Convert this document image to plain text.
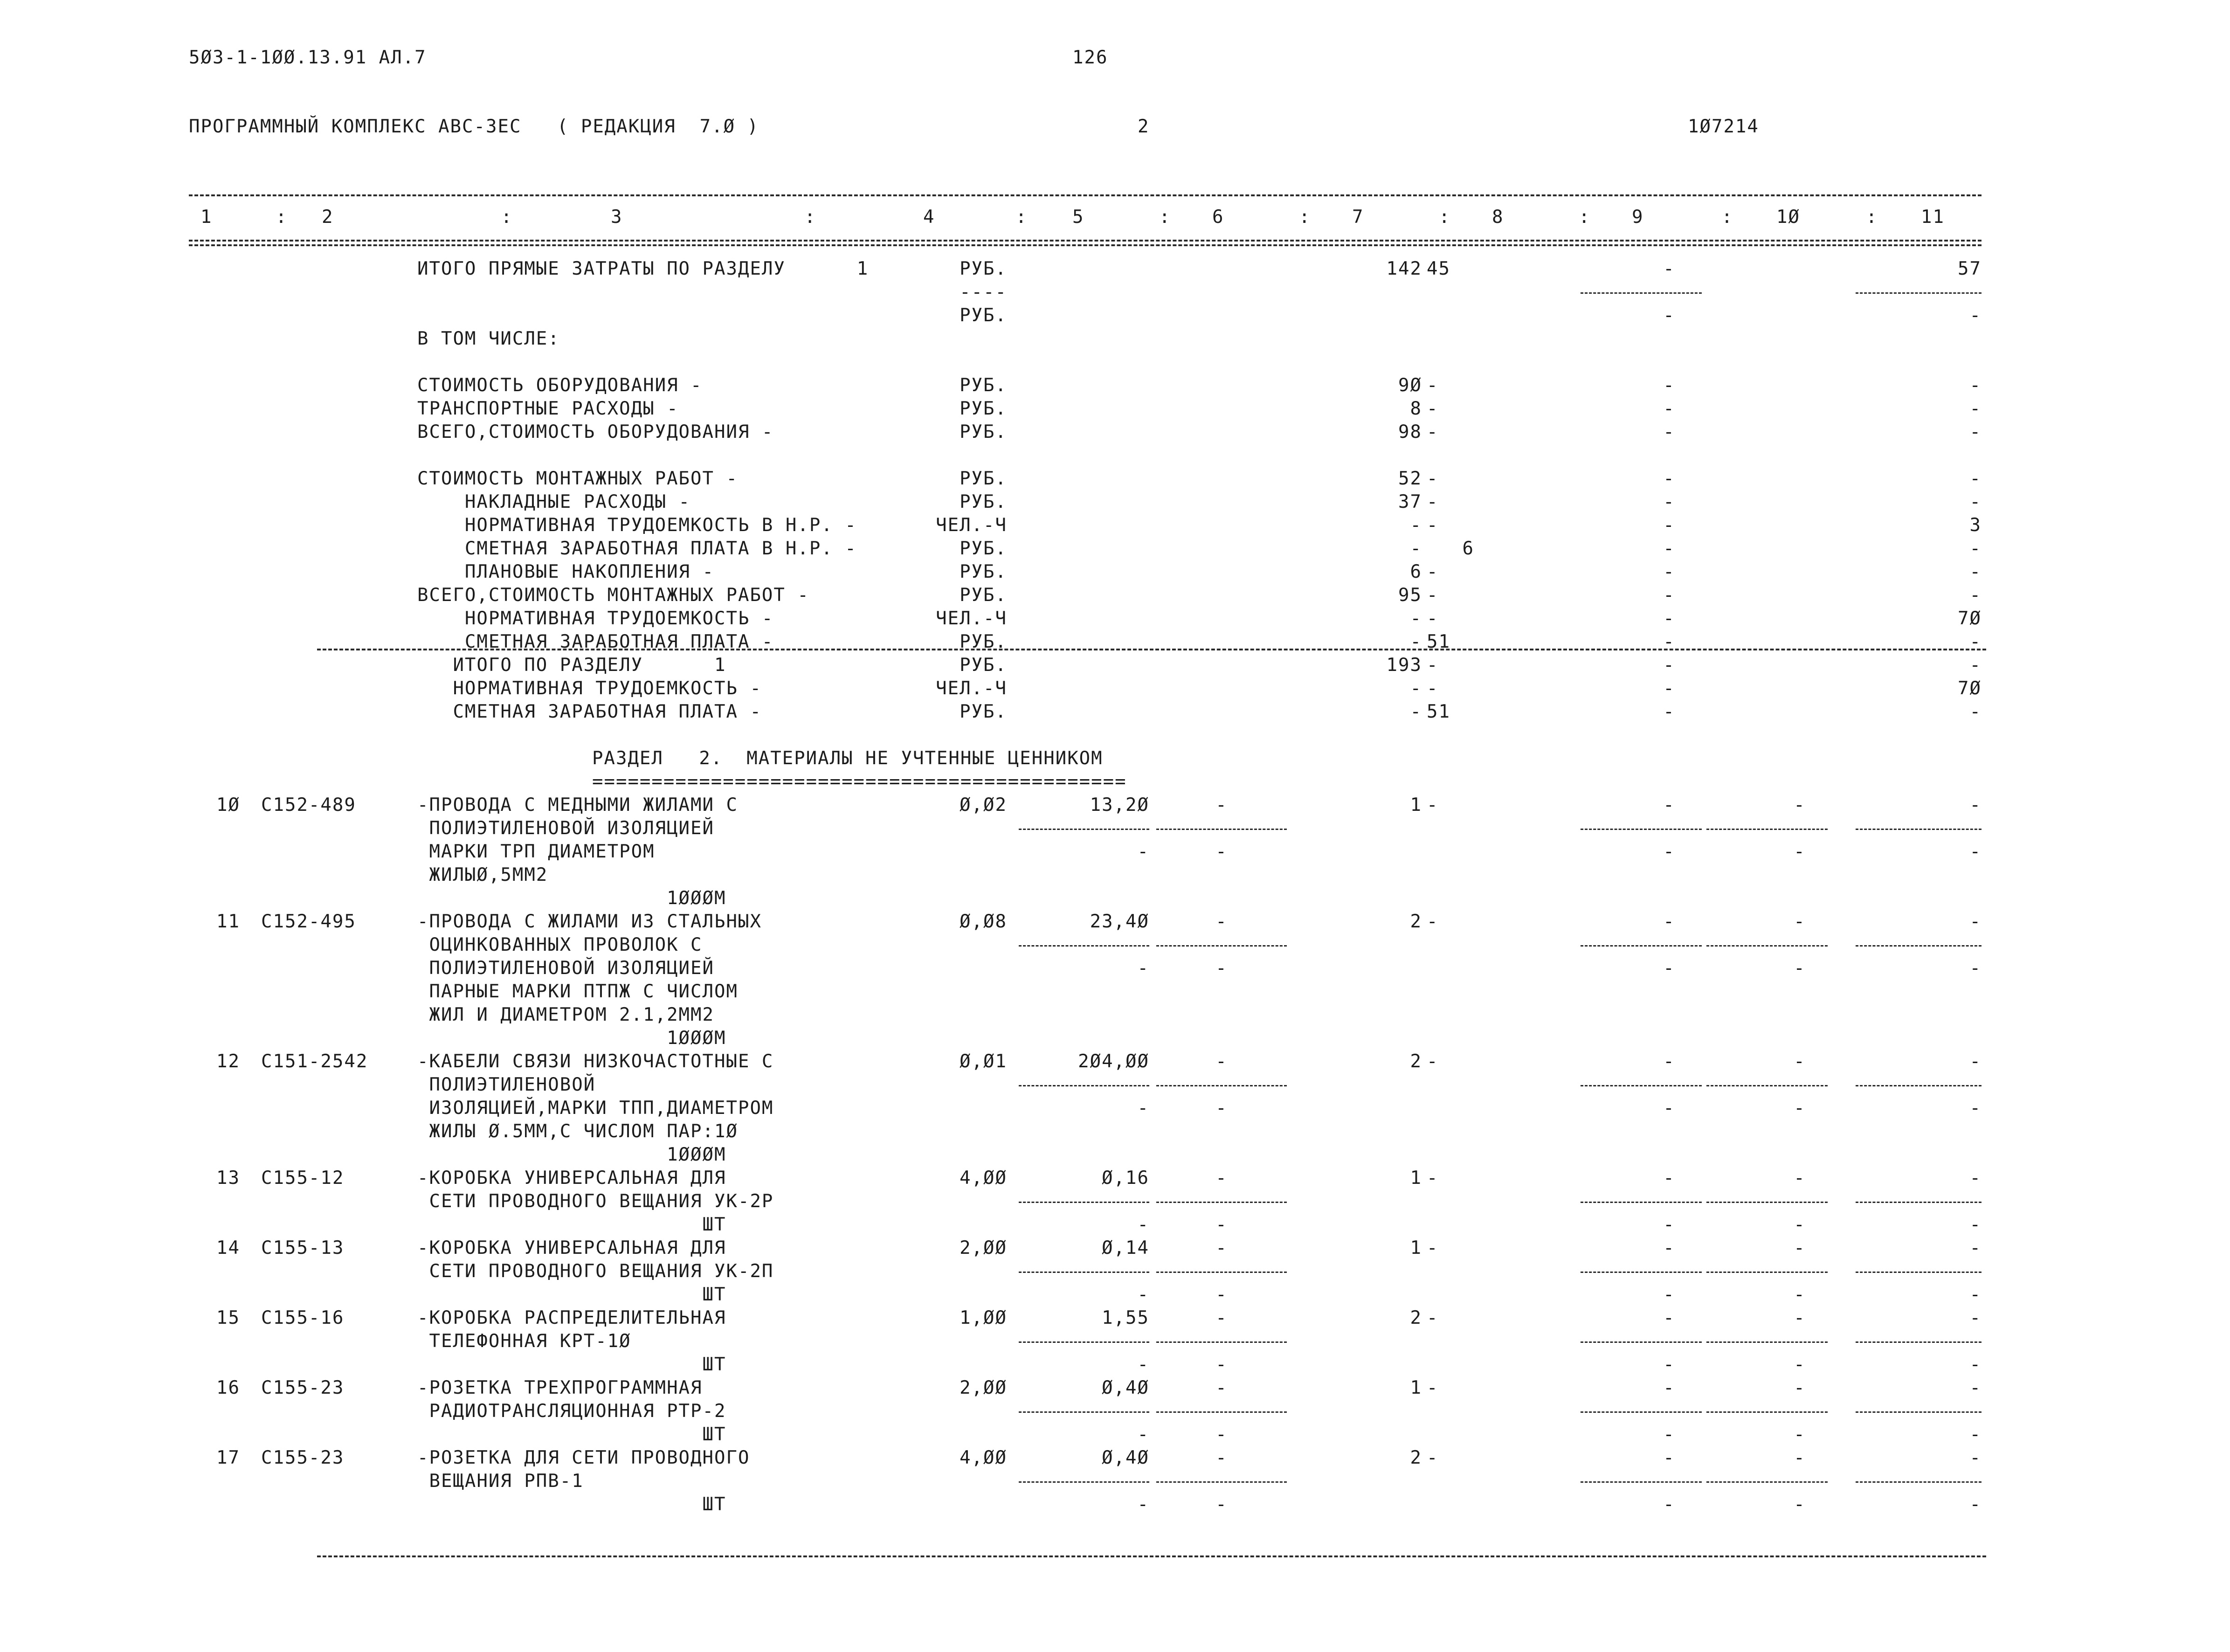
5Ø3-1-1ØØ.13.91 АЛ.7	126
ПРОГРАММНЫЙ КОМПЛЕКС АВС-3ЕС   ( РЕДАКЦИЯ  7.Ø )	2	1Ø7214
1	: 2	:	3	:	4	: 5	: 6	: 7	: 8	: 9	: 1Ø	: 11
ИТОГО ПРЯМЫЕ ЗАТРАТЫ ПО РАЗДЕЛУ      1	РУБ.	142 45	-	57
----
РУБ.	-	-
В ТОМ ЧИСЛЕ:
СТОИМОСТЬ ОБОРУДОВАНИЯ -	РУБ.	9Ø -	-	-
ТРАНСПОРТНЫЕ РАСХОДЫ -	РУБ.	8 -	-	-
ВСЕГО,СТОИМОСТЬ ОБОРУДОВАНИЯ -	РУБ.	98 -	-	-
СТОИМОСТЬ МОНТАЖНЫХ РАБОТ -	РУБ.	52 -	-	-
НАКЛАДНЫЕ РАСХОДЫ -	РУБ.	37 -	-	-
НОРМАТИВНАЯ ТРУДОЕМКОСТЬ В Н.Р. -	ЧЕЛ.-Ч	- -	-	3
СМЕТНАЯ ЗАРАБОТНАЯ ПЛАТА В Н.Р. -	РУБ.	- 6	-	-
ПЛАНОВЫЕ НАКОПЛЕНИЯ -	РУБ.	6 -	-	-
ВСЕГО,СТОИМОСТЬ МОНТАЖНЫХ РАБОТ -	РУБ.	95 -	-	-
НОРМАТИВНАЯ ТРУДОЕМКОСТЬ -	ЧЕЛ.-Ч	- -	-	7Ø
СМЕТНАЯ ЗАРАБОТНАЯ ПЛАТА -	РУБ.	- 51	-	-
ИТОГО ПО РАЗДЕЛУ      1	РУБ.	193 -	-	-
НОРМАТИВНАЯ ТРУДОЕМКОСТЬ -	ЧЕЛ.-Ч	- -	-	7Ø
СМЕТНАЯ ЗАРАБОТНАЯ ПЛАТА -	РУБ.	- 51	-	-
РАЗДЕЛ   2.  МАТЕРИАЛЫ НЕ УЧТЕННЫЕ ЦЕННИКОМ
=============================================
1Ø С152-489	-ПРОВОДА С МЕДНЫМИ ЖИЛАМИ С	Ø,Ø2	13,2Ø	-	1 -	-	-	-
ПОЛИЭТИЛЕНОВОЙ ИЗОЛЯЦИЕЙ
МАРКИ ТРП ДИАМЕТРОМ	-	-	-	-	-
ЖИЛЫØ,5ММ2
1ØØØМ
11 С152-495	-ПРОВОДА С ЖИЛАМИ ИЗ СТАЛЬНЫХ	Ø,Ø8	23,4Ø	-	2 -	-	-	-
ОЦИНКОВАННЫХ ПРОВОЛОК С
ПОЛИЭТИЛЕНОВОЙ ИЗОЛЯЦИЕЙ	-	-	-	-	-
ПАРНЫЕ МАРКИ ПТПЖ С ЧИСЛОМ
ЖИЛ И ДИАМЕТРОМ 2.1,2ММ2
1ØØØМ
12 С151-2542	-КАБЕЛИ СВЯЗИ НИЗКОЧАСТОТНЫЕ С	Ø,Ø1	2Ø4,ØØ	-	2 -	-	-	-
ПОЛИЭТИЛЕНОВОЙ
ИЗОЛЯЦИЕЙ,МАРКИ ТПП,ДИАМЕТРОМ	-	-	-	-	-
ЖИЛЫ Ø.5ММ,С ЧИСЛОМ ПАР:1Ø
1ØØØМ
13 С155-12	-КОРОБКА УНИВЕРСАЛЬНАЯ ДЛЯ	4,ØØ	Ø,16	-	1 -	-	-	-
СЕТИ ПРОВОДНОГО ВЕЩАНИЯ УК-2Р
ШТ	-	-	-	-	-
14 С155-13	-КОРОБКА УНИВЕРСАЛЬНАЯ ДЛЯ	2,ØØ	Ø,14	-	1 -	-	-	-
СЕТИ ПРОВОДНОГО ВЕЩАНИЯ УК-2П
ШТ	-	-	-	-	-
15 С155-16	-КОРОБКА РАСПРЕДЕЛИТЕЛЬНАЯ	1,ØØ	1,55	-	2 -	-	-	-
ТЕЛЕФОННАЯ КРТ-1Ø
ШТ	-	-	-	-	-
16 С155-23	-РОЗЕТКА ТРЕХПРОГРАММНАЯ	2,ØØ	Ø,4Ø	-	1 -	-	-	-
РАДИОТРАНСЛЯЦИОННАЯ РТР-2
ШТ	-	-	-	-	-
17 С155-23	-РОЗЕТКА ДЛЯ СЕТИ ПРОВОДНОГО	4,ØØ	Ø,4Ø	-	2 -	-	-	-
ВЕЩАНИЯ РПВ-1
ШТ	-	-	-	-	-
